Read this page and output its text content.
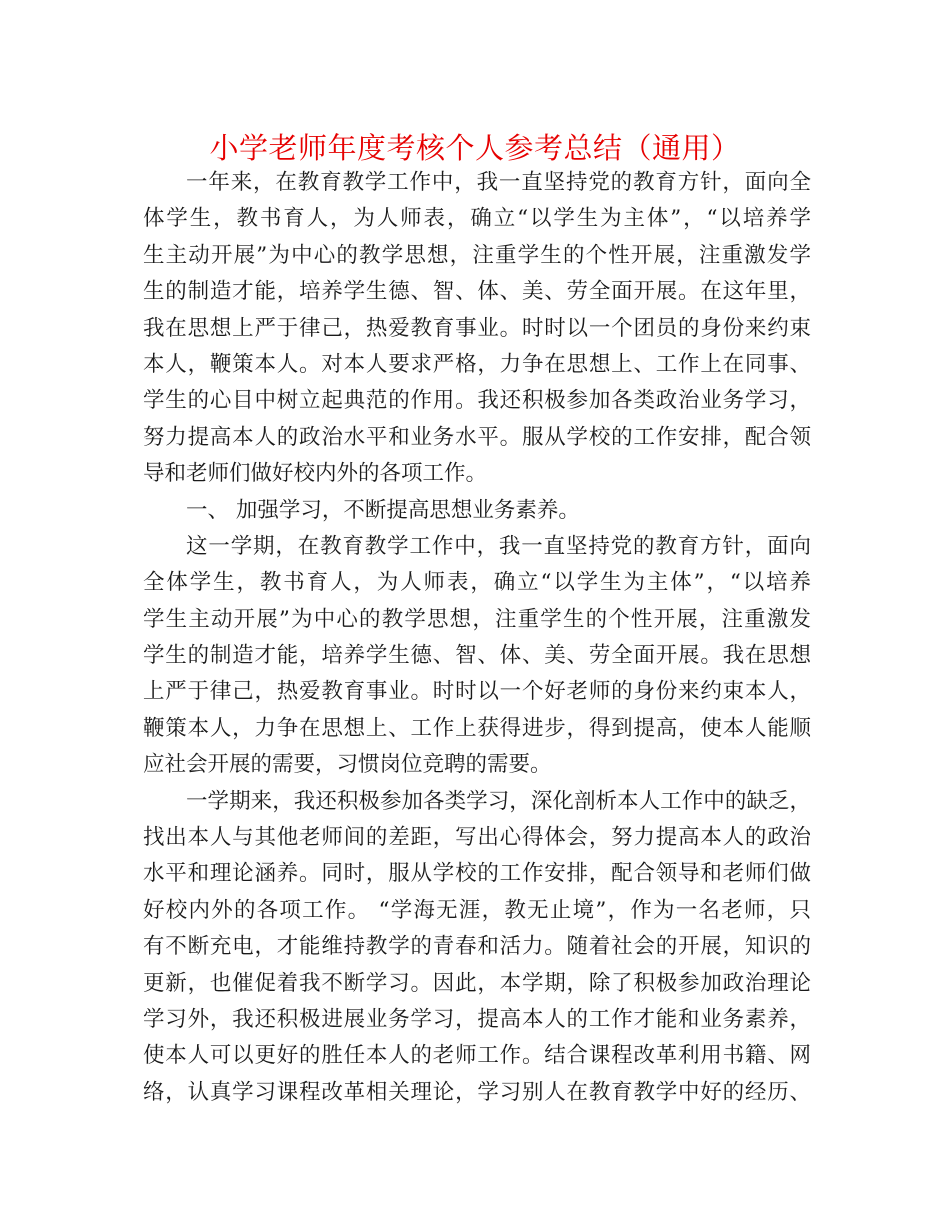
小学老师年度考核个人参考总结（通用）
一年来，在教育教学工作中，我一直坚持党的教育方针，面向全
体学生，教书育人，为人师表，确立“以学生为主体”，“以培养学
生主动开展”为中心的教学思想，注重学生的个性开展，注重激发学
生的制造才能，培养学生德、智、体、美、劳全面开展。在这年里，
我在思想上严于律己，热爱教育事业。时时以一个团员的身份来约束
本人，鞭策本人。对本人要求严格，力争在思想上、工作上在同事、
学生的心目中树立起典范的作用。我还积极参加各类政治业务学习，
努力提高本人的政治水平和业务水平。服从学校的工作安排，配合领
导和老师们做好校内外的各项工作。
一、 加强学习，不断提高思想业务素养。
这一学期，在教育教学工作中，我一直坚持党的教育方针，面向
全体学生，教书育人，为人师表，确立“以学生为主体”，“以培养
学生主动开展”为中心的教学思想，注重学生的个性开展，注重激发
学生的制造才能，培养学生德、智、体、美、劳全面开展。我在思想
上严于律己，热爱教育事业。时时以一个好老师的身份来约束本人，
鞭策本人，力争在思想上、工作上获得进步，得到提高，使本人能顺
应社会开展的需要，习惯岗位竞聘的需要。
一学期来，我还积极参加各类学习，深化剖析本人工作中的缺乏，
找出本人与其他老师间的差距，写出心得体会，努力提高本人的政治
水平和理论涵养。同时，服从学校的工作安排，配合领导和老师们做
好校内外的各项工作。 “学海无涯，教无止境”，作为一名老师，只
有不断充电，才能维持教学的青春和活力。随着社会的开展，知识的
更新，也催促着我不断学习。因此，本学期，除了积极参加政治理论
学习外，我还积极进展业务学习，提高本人的工作才能和业务素养，
使本人可以更好的胜任本人的老师工作。结合课程改革利用书籍、网
络，认真学习课程改革相关理论，学习别人在教育教学中好的经历、
